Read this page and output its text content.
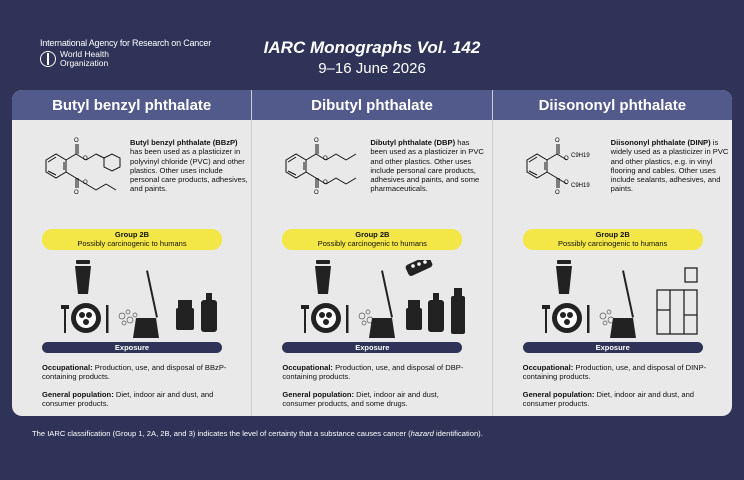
International Agency for Research on Cancer
World Health
Organization
IARC Monographs Vol. 142
9–16 June 2026
Butyl benzyl phthalate
O
O
O
O
Butyl benzyl phthalate (BBzP) has been used as a plasticizer in polyvinyl chloride (PVC) and other plastics. Other uses include personal care products, adhesives, and paints.
Group 2B
Possibly carcinogenic to humans
Exposure
Occupational: Production, use, and disposal of BBzP-containing products.
General population: Diet, indoor air and dust, and consumer products.
Dibutyl phthalate
O
O
O
O
Dibutyl phthalate (DBP) has been used as a plasticizer in PVC and other plastics. Other uses include personal care products, adhesives and paints, and some pharmaceuticals.
Group 2B
Possibly carcinogenic to humans
Exposure
Occupational: Production, use, and disposal of DBP-containing products.
General population: Diet, indoor air and dust, consumer products, and some drugs.
Diisononyl phthalate
O
O
O
O
C9H19
C9H19
Diisononyl phthalate (DINP) is widely used as a plasticizer in PVC and other plastics, e.g. in vinyl flooring and cables. Other uses include sealants, adhesives, and paints.
Group 2B
Possibly carcinogenic to humans
Exposure
Occupational: Production, use, and disposal of DINP-containing products.
General population: Diet, indoor air and dust, and consumer products.
The IARC classification (Group 1, 2A, 2B, and 3) indicates the level of certainty that a substance causes cancer (hazard identification).
